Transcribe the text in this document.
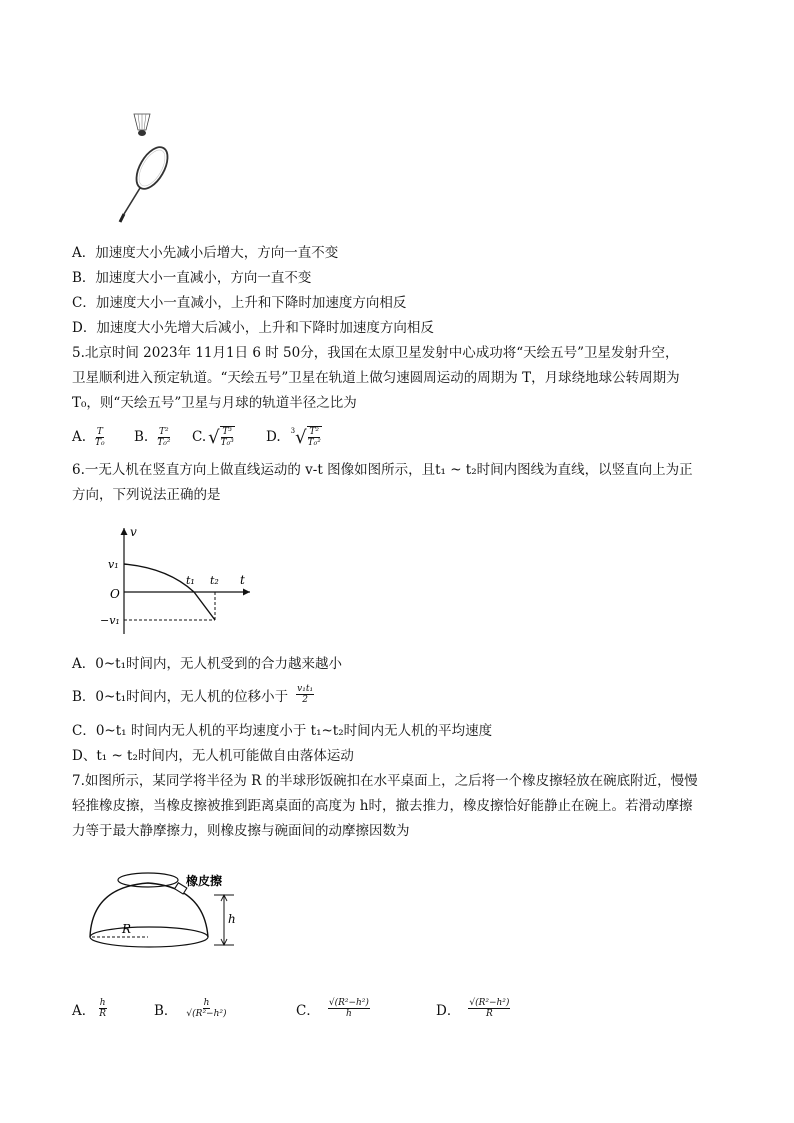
A．加速度大小先减小后增大，方向一直不变
B．加速度大小一直减小，方向一直不变
C．加速度大小一直减小，上升和下降时加速度方向相反
D．加速度大小先增大后减小，上升和下降时加速度方向相反
5.北京时间 2023年 11月1日 6 时 50分，我国在太原卫星发射中心成功将“天绘五号”卫星发射升空，
卫星顺利进入预定轨道。“天绘五号”卫星在轨道上做匀速圆周运动的周期为 T，月球绕地球公转周期为
T₀，则“天绘五号”卫星与月球的轨道半径之比为
A. $\frac{T}{\text{T₀}} B$. $\frac{\text{T²}}{\text{T₀²}} C$. √ $\frac{\text{T³}}{\text{T₀³}} D$. $^3$ √ $\frac{\text{T²}}{\text{T₀²}}$
6.一无人机在竖直方向上做直线运动的 v-t 图像如图所示，且t₁ ~ t₂时间内图线为直线，以竖直向上为正
方向，下列说法正确的是
v
t
O
v₁
−v₁
t₁ t₂
A．0~t₁时间内，无人机受到的合力越来越小
B．0~t₁时间内，无人机的位移小于 $\frac{\text{v₁t₁}}{2}$
C．0~t₁ 时间内无人机的平均速度小于 t₁~t₂时间内无人机的平均速度
D、t₁ ~ t₂时间内，无人机可能做自由落体运动
7.如图所示，某同学将半径为 R 的半球形饭碗扣在水平桌面上，之后将一个橡皮擦轻放在碗底附近，慢慢
轻推橡皮擦，当橡皮擦被推到距离桌面的高度为 h时，撤去推力，橡皮擦恰好能静止在碗上。若滑动摩擦
力等于最大静摩擦力，则橡皮擦与碗面间的动摩擦因数为
R
橡皮擦
h
A． $\frac{h}{R}$	B． $\frac{h}{\text{√(R²−h²)}}$	C． $\frac{\text{√(R²−h²)}}{h}$	D． $\frac{\text{√(R²−h²)}}{R}$
